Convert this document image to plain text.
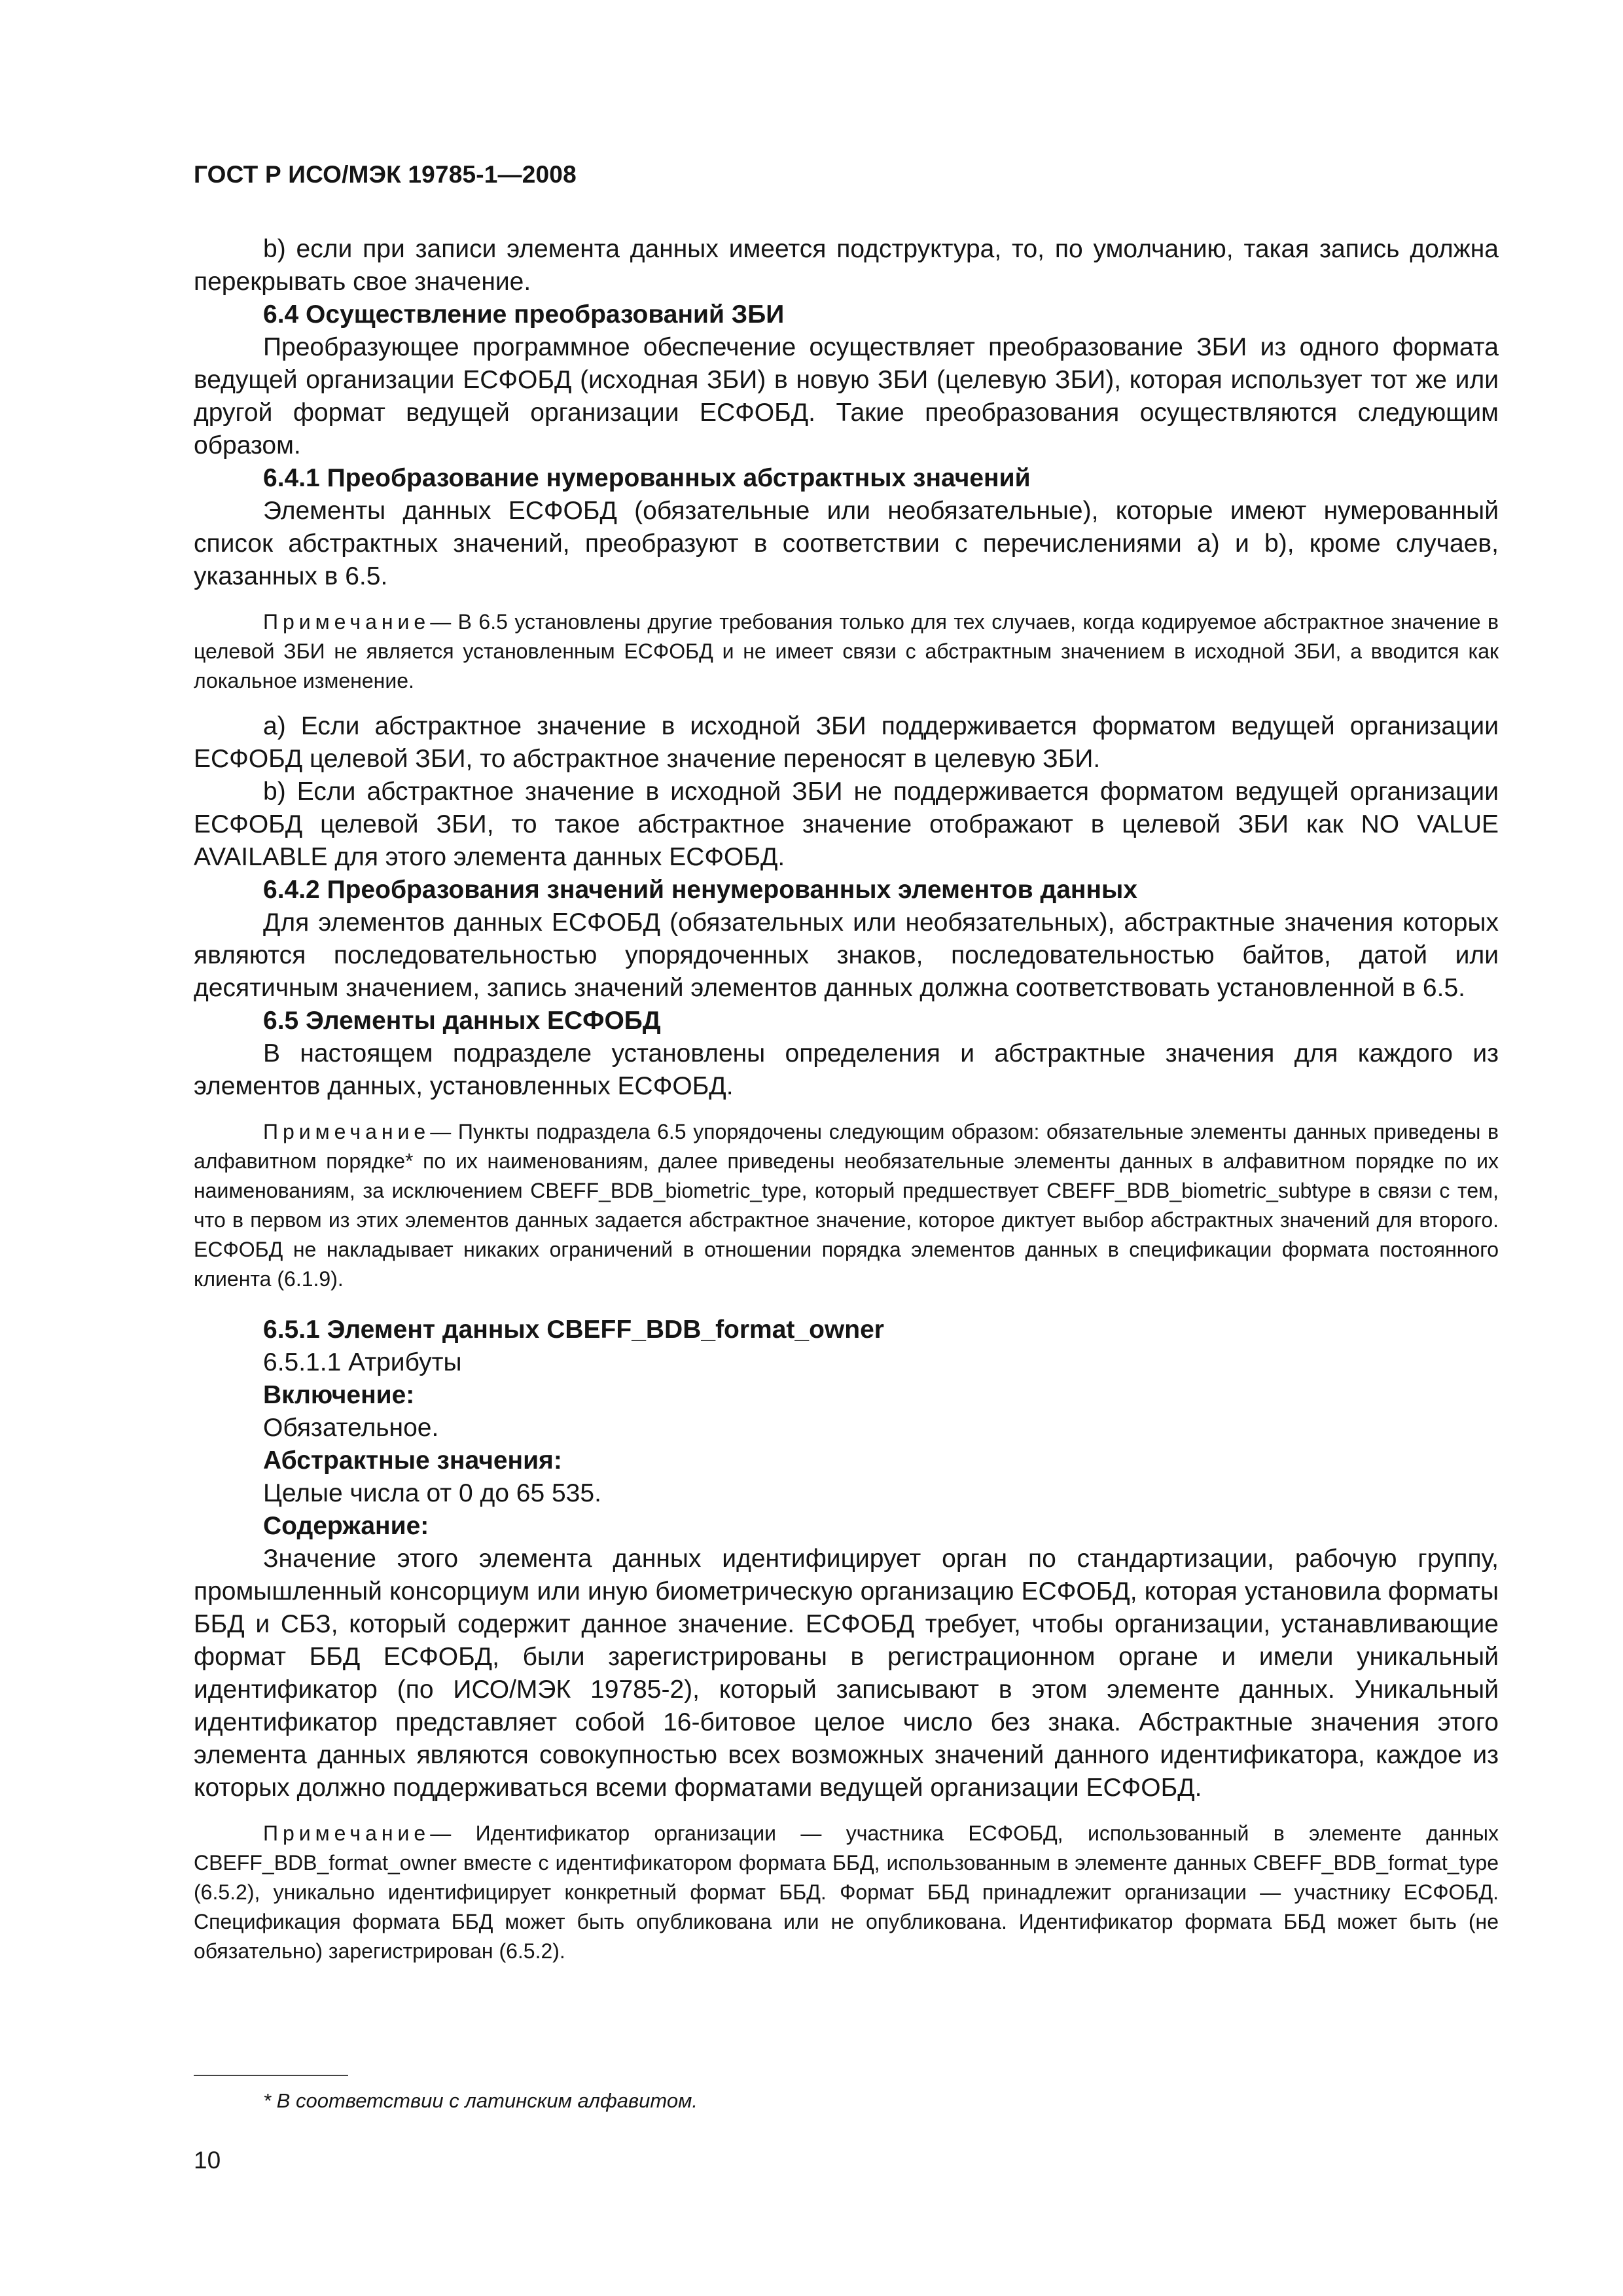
ГОСТ Р ИСО/МЭК 19785-1—2008

b) если при записи элемента данных имеется подструктура, то, по умолчанию, такая запись должна перекрывать свое значение.

6.4 Осуществление преобразований ЗБИ

Преобразующее программное обеспечение осуществляет преобразование ЗБИ из одного формата ведущей организации ЕСФОБД (исходная ЗБИ) в новую ЗБИ (целевую ЗБИ), которая использует тот же или другой формат ведущей организации ЕСФОБД. Такие преобразования осуществляются следующим образом.

6.4.1 Преобразование нумерованных абстрактных значений

Элементы данных ЕСФОБД (обязательные или необязательные), которые имеют нумерованный список абстрактных значений, преобразуют в соответствии с перечислениями а) и b), кроме случаев, указанных в 6.5.

Примечание— В 6.5 установлены другие требования только для тех случаев, когда кодируемое абстрактное значение в целевой ЗБИ не является установленным ЕСФОБД и не имеет связи с абстрактным значением в исходной ЗБИ, а вводится как локальное изменение.

а) Если абстрактное значение в исходной ЗБИ поддерживается форматом ведущей организации ЕСФОБД целевой ЗБИ, то абстрактное значение переносят в целевую ЗБИ.

b) Если абстрактное значение в исходной ЗБИ не поддерживается форматом ведущей организации ЕСФОБД целевой ЗБИ, то такое абстрактное значение отображают в целевой ЗБИ как NO VALUE AVAILABLE для этого элемента данных ЕСФОБД.

6.4.2 Преобразования значений ненумерованных элементов данных

Для элементов данных ЕСФОБД (обязательных или необязательных), абстрактные значения которых являются последовательностью упорядоченных знаков, последовательностью байтов, датой или десятичным значением, запись значений элементов данных должна соответствовать установленной в 6.5.

6.5 Элементы данных ЕСФОБД

В настоящем подразделе установлены определения и абстрактные значения для каждого из элементов данных, установленных ЕСФОБД.

Примечание— Пункты подраздела 6.5 упорядочены следующим образом: обязательные элементы данных приведены в алфавитном порядке* по их наименованиям, далее приведены необязательные элементы данных в алфавитном порядке по их наименованиям, за исключением CBEFF_BDB_biometric_type, который предшествует CBEFF_BDB_biometric_subtype в связи с тем, что в первом из этих элементов данных задается абстрактное значение, которое диктует выбор абстрактных значений для второго. ЕСФОБД не накладывает никаких ограничений в отношении порядка элементов данных в спецификации формата постоянного клиента (6.1.9).

6.5.1 Элемент данных CBEFF_BDB_format_owner
6.5.1.1 Атрибуты
Включение:
Обязательное.
Абстрактные значения:
Целые числа от 0 до 65 535.
Содержание:

Значение этого элемента данных идентифицирует орган по стандартизации, рабочую группу, промышленный консорциум или иную биометрическую организацию ЕСФОБД, которая установила форматы ББД и СБЗ, который содержит данное значение. ЕСФОБД требует, чтобы организации, устанавливающие формат ББД ЕСФОБД, были зарегистрированы в регистрационном органе и имели уникальный идентификатор (по ИСО/МЭК 19785-2), который записывают в этом элементе данных. Уникальный идентификатор представляет собой 16-битовое целое число без знака. Абстрактные значения этого элемента данных являются совокупностью всех возможных значений данного идентификатора, каждое из которых должно поддерживаться всеми форматами ведущей организации ЕСФОБД.

Примечание— Идентификатор организации — участника ЕСФОБД, использованный в элементе данных CBEFF_BDB_format_owner вместе с идентификатором формата ББД, использованным в элементе данных CBEFF_BDB_format_type (6.5.2), уникально идентифицирует конкретный формат ББД. Формат ББД принадлежит организации — участнику ЕСФОБД. Спецификация формата ББД может быть опубликована или не опубликована. Идентификатор формата ББД может быть (не обязательно) зарегистрирован (6.5.2).

* В соответствии с латинским алфавитом.
10
